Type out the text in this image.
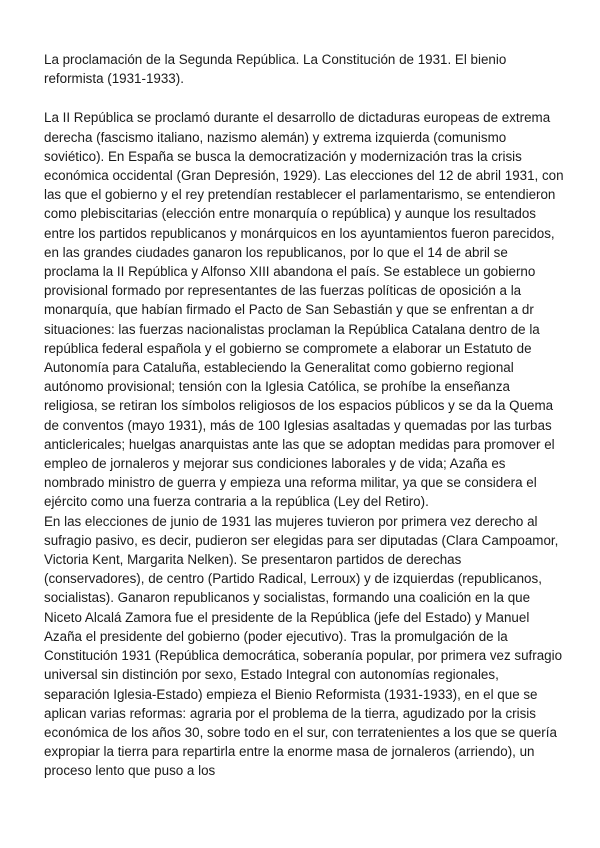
La proclamación de la Segunda República. La Constitución de 1931. El bienio reformista (1931-1933).

La II República se proclamó durante el desarrollo de dictaduras europeas de extrema derecha (fascismo italiano, nazismo alemán) y extrema izquierda (comunismo soviético). En España se busca la democratización y modernización tras la crisis económica occidental (Gran Depresión, 1929). Las elecciones del 12 de abril 1931, con las que el gobierno y el rey pretendían restablecer el parlamentarismo, se entendieron como plebiscitarias (elección entre monarquía o república) y aunque los resultados entre los partidos republicanos y monárquicos en los ayuntamientos fueron parecidos, en las grandes ciudades ganaron los republicanos, por lo que el 14 de abril se proclama la II República y Alfonso XIII abandona el país. Se establece un gobierno provisional formado por representantes de las fuerzas políticas de oposición a la monarquía, que habían firmado el Pacto de San Sebastián y que se enfrentan a dr situaciones: las fuerzas nacionalistas proclaman la República Catalana dentro de la república federal española y el gobierno se compromete a elaborar un Estatuto de Autonomía para Cataluña, estableciendo la Generalitat como gobierno regional autónomo provisional; tensión con la Iglesia Católica, se prohíbe la enseñanza religiosa, se retiran los símbolos religiosos de los espacios públicos y se da la Quema de conventos (mayo 1931), más de 100 Iglesias asaltadas y quemadas por las turbas anticlericales; huelgas anarquistas ante las que se adoptan medidas para promover el empleo de jornaleros y mejorar sus condiciones laborales y de vida; Azaña es nombrado ministro de guerra y empieza una reforma militar, ya que se considera el ejército como una fuerza contraria a la república (Ley del Retiro).

En las elecciones de junio de 1931 las mujeres tuvieron por primera vez derecho al sufragio pasivo, es decir, pudieron ser elegidas para ser diputadas (Clara Campoamor, Victoria Kent, Margarita Nelken). Se presentaron partidos de derechas (conservadores), de centro (Partido Radical, Lerroux) y de izquierdas (republicanos, socialistas). Ganaron republicanos y socialistas, formando una coalición en la que Niceto Alcalá Zamora fue el presidente de la República (jefe del Estado) y Manuel Azaña el presidente del gobierno (poder ejecutivo). Tras la promulgación de la Constitución 1931 (República democrática, soberanía popular, por primera vez sufragio universal sin distinción por sexo, Estado Integral con autonomías regionales, separación Iglesia-Estado) empieza el Bienio Reformista (1931-1933), en el que se aplican varias reformas: agraria por el problema de la tierra, agudizado por la crisis económica de los años 30, sobre todo en el sur, con terratenientes a los que se quería expropiar la tierra para repartirla entre la enorme masa de jornaleros (arriendo), un proceso lento que puso a los
